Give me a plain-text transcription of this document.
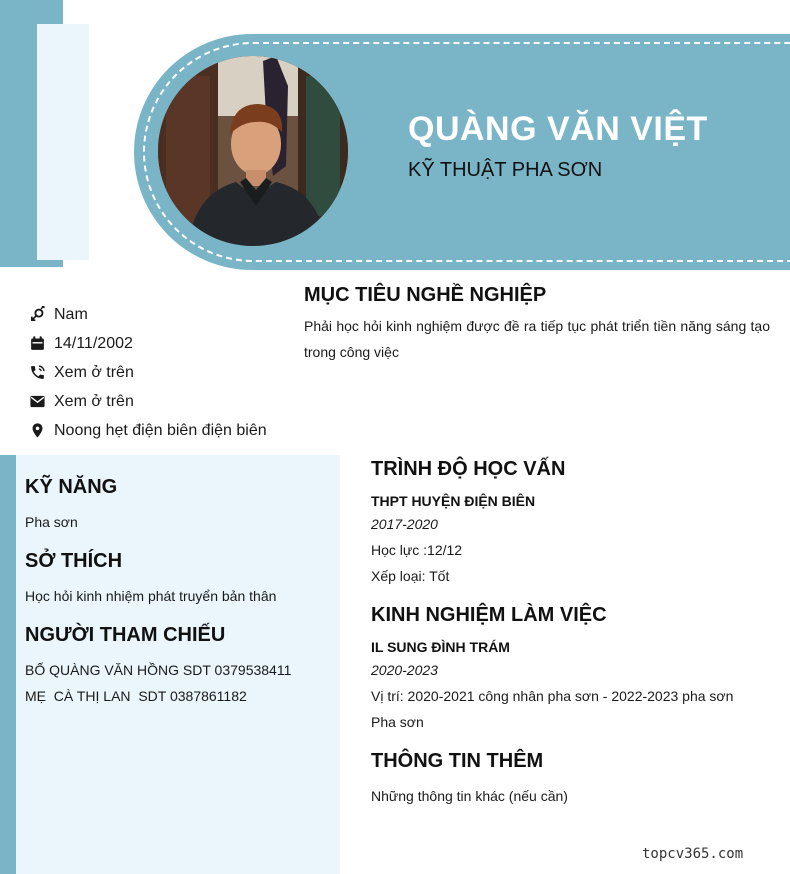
QUÀNG VĂN VIỆT
KỸ THUẬT PHA SƠN
Nam
14/11/2002
Xem ở trên
Xem ở trên
Noong hẹt điện biên điện biên
MỤC TIÊU NGHỀ NGHIỆP

Phải học hỏi kinh nghiệm được đề ra tiếp tục phát triển tiền năng sáng tạo trong công việc

KỸ NĂNG
Pha sơn
SỞ THÍCH
Học hỏi kinh nhiệm phát truyển bản thân
NGƯỜI THAM CHIẾU
BỐ QUÀNG VĂN HỒNG SDT 0379538411
MẸ  CÀ THỊ LAN  SDT 0387861182
TRÌNH ĐỘ HỌC VẤN
THPT HUYỆN ĐIỆN BIÊN
2017-2020
Học lực :12/12
Xếp loại: Tốt
KINH NGHIỆM LÀM VIỆC
IL SUNG ĐÌNH TRÁM
2020-2023
Vị trí: 2020-2021 công nhân pha sơn - 2022-2023 pha sơn
Pha sơn
THÔNG TIN THÊM
Những thông tin khác (nếu cần)
topcv365.com
